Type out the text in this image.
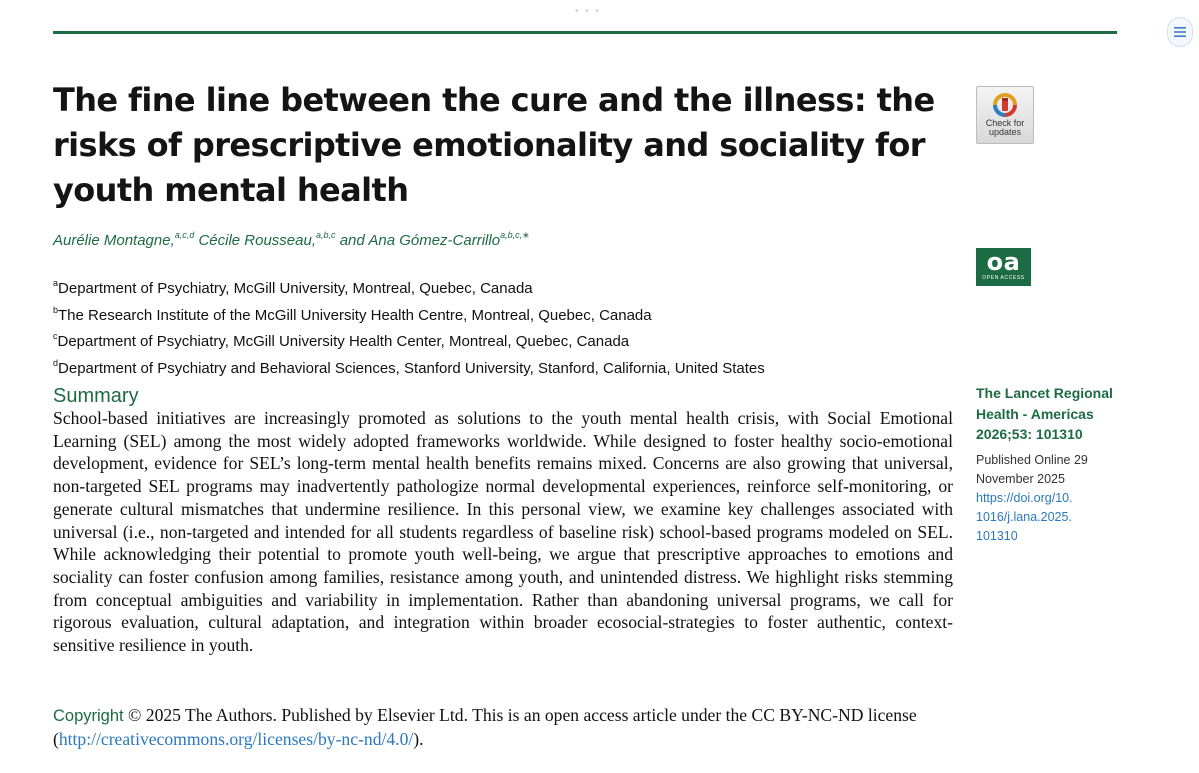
• • •
The fine line between the cure and the illness: the risks of prescriptive emotionality and sociality for youth mental health
Check for
updates
Aurélie Montagne,$^{a,c,d}$ Cécile Rousseau,$^{a,b,c}$ and Ana Gómez-Carrillo$^{a,b,c,∗}$
oa
OPEN ACCESS
$^a$Department of Psychiatry, McGill University, Montreal, Quebec, Canada
$^b$The Research Institute of the McGill University Health Centre, Montreal, Quebec, Canada
$^c$Department of Psychiatry, McGill University Health Center, Montreal, Quebec, Canada
$^d$Department of Psychiatry and Behavioral Sciences, Stanford University, Stanford, California, United States
Summary

School-based initiatives are increasingly promoted as solutions to the youth mental health crisis, with Social Emotional Learning (SEL) among the most widely adopted frameworks worldwide. While designed to foster healthy socio-emotional development, evidence for SEL’s long-term mental health benefits remains mixed. Concerns are also growing that universal, non-targeted SEL programs may inadvertently pathologize normal developmental experiences, reinforce self-monitoring, or generate cultural mismatches that undermine resilience. In this personal view, we examine key challenges associated with universal (i.e., non-targeted and intended for all students regardless of baseline risk) school-based programs modeled on SEL. While acknowledging their potential to promote youth well-being, we argue that prescriptive approaches to emotions and sociality can foster confusion among families, resistance among youth, and unintended distress. We highlight risks stemming from conceptual ambiguities and variability in implementation. Rather than abandoning universal programs, we call for rigorous evaluation, cultural adaptation, and integration within broader ecosocial-strategies to foster authentic, context-sensitive resilience in youth.

The Lancet Regional Health - Americas 2026;53: 101310
Published Online 29 November 2025
https://doi.org/10.1016/j.lana.2025.101310

Copyright © 2025 The Authors. Published by Elsevier Ltd. This is an open access article under the CC BY-NC-ND license (http://creativecommons.org/licenses/by-nc-nd/4.0/).
